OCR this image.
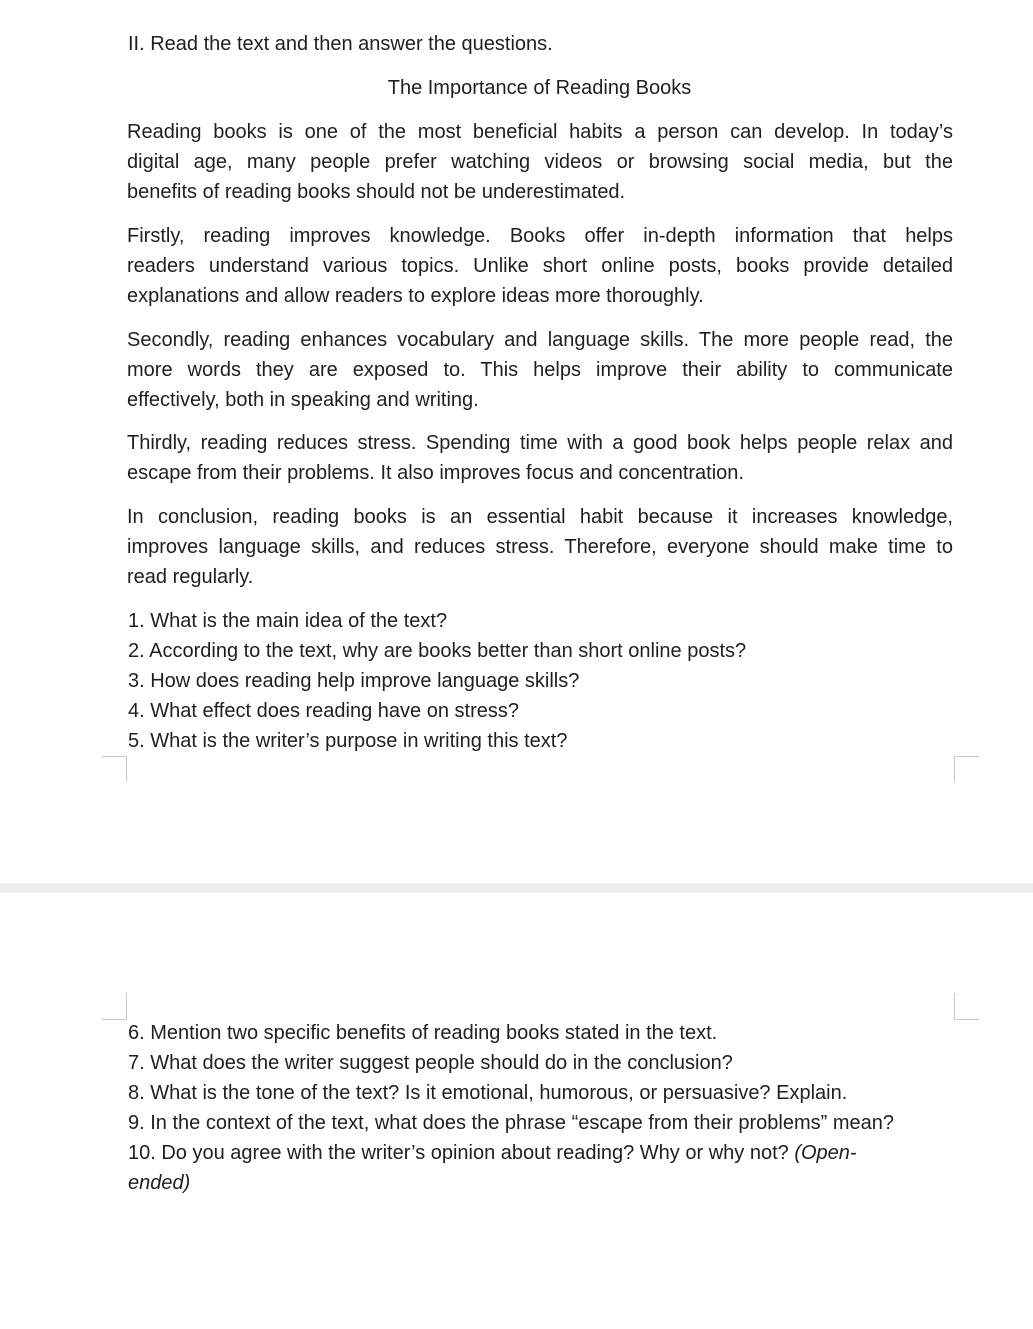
II. Read the text and then answer the questions.
The Importance of Reading Books
Reading books is one of the most beneficial habits a person can develop. In today’s
digital age, many people prefer watching videos or browsing social media, but the
benefits of reading books should not be underestimated.
Firstly, reading improves knowledge. Books offer in-depth information that helps
readers understand various topics. Unlike short online posts, books provide detailed
explanations and allow readers to explore ideas more thoroughly.
Secondly, reading enhances vocabulary and language skills. The more people read, the
more words they are exposed to. This helps improve their ability to communicate
effectively, both in speaking and writing.
Thirdly, reading reduces stress. Spending time with a good book helps people relax and
escape from their problems. It also improves focus and concentration.
In conclusion, reading books is an essential habit because it increases knowledge,
improves language skills, and reduces stress. Therefore, everyone should make time to
read regularly.
1. What is the main idea of the text?
2. According to the text, why are books better than short online posts?
3. How does reading help improve language skills?
4. What effect does reading have on stress?
5. What is the writer’s purpose in writing this text?
6. Mention two specific benefits of reading books stated in the text.
7. What does the writer suggest people should do in the conclusion?
8. What is the tone of the text? Is it emotional, humorous, or persuasive? Explain.
9. In the context of the text, what does the phrase “escape from their problems” mean?
10. Do you agree with the writer’s opinion about reading? Why or why not? (Open-
ended)
